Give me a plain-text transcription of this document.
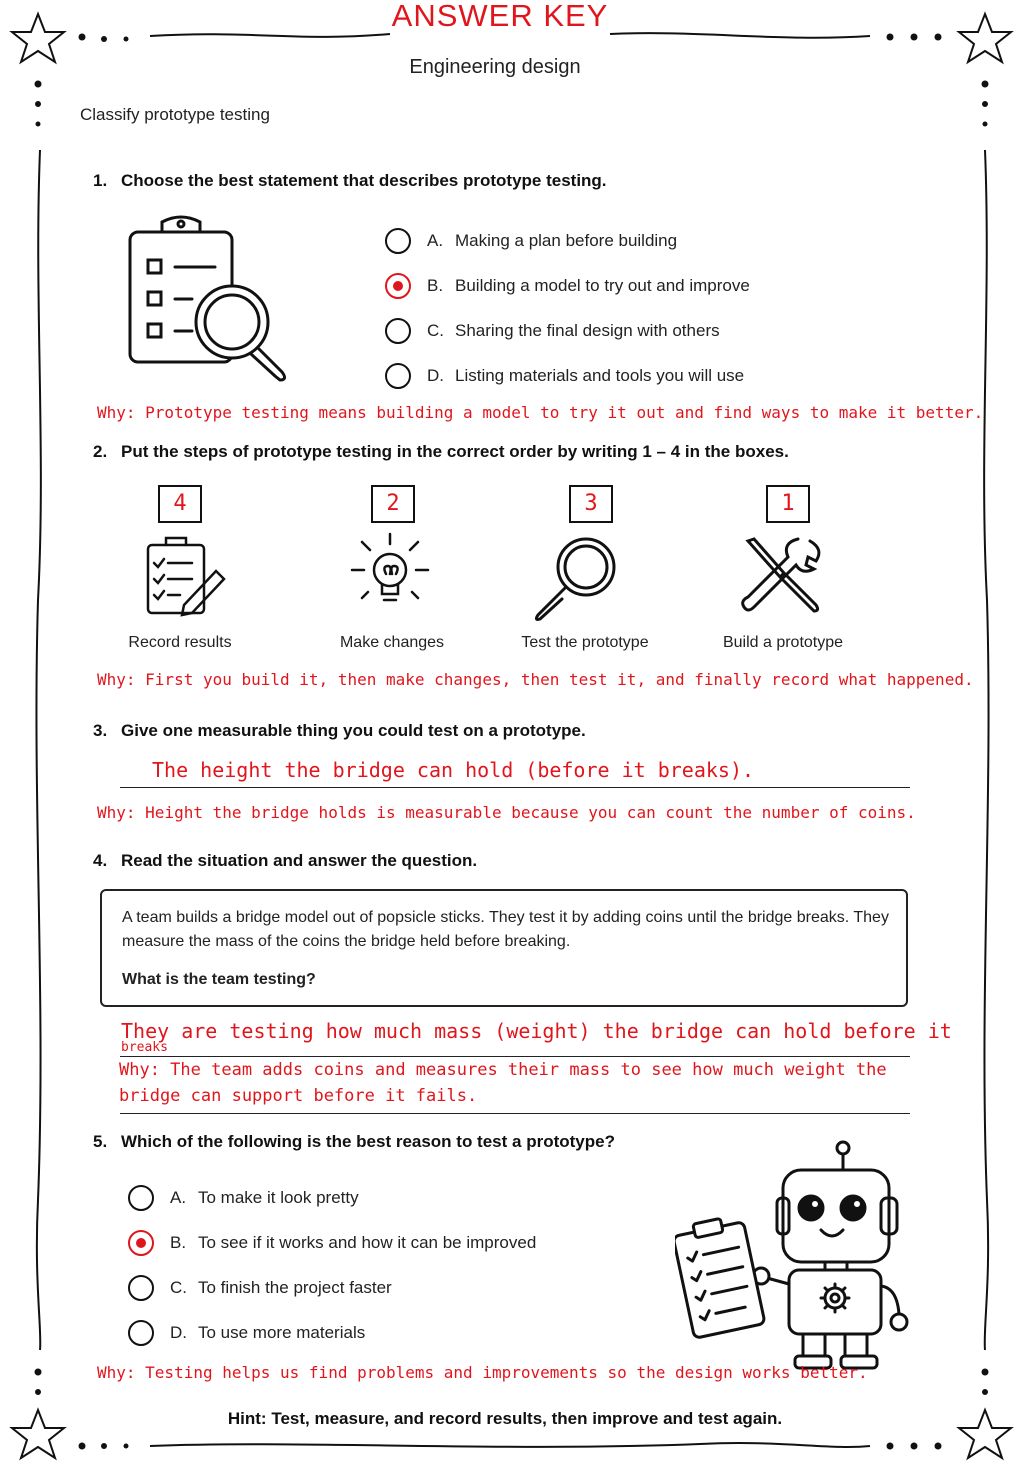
ANSWER KEY
Engineering design
Classify prototype testing
1. Choose the best statement that describes prototype testing.
A. Making a plan before building
B. Building a model to try out and improve
C. Sharing the final design with others
D. Listing materials and tools you will use
Why: Prototype testing means building a model to try it out and find ways to make it better.
2. Put the steps of prototype testing in the correct order by writing 1 – 4 in the boxes.
4	2	3	1
Record results	Make changes	Test the prototype	Build a prototype
Why: First you build it, then make changes, then test it, and finally record what happened.
3. Give one measurable thing you could test on a prototype.
The height the bridge can hold (before it breaks).
Why: Height the bridge holds is measurable because you can count the number of coins.
4. Read the situation and answer the question.

A team builds a bridge model out of popsicle sticks. They test it by adding coins until the bridge breaks. They measure the mass of the coins the bridge held before breaking.

What is the team testing?

They are testing how much mass (weight) the bridge can hold before it
breaks
Why: The team adds coins and measures their mass to see how much weight the
bridge can support before it fails.
5. Which of the following is the best reason to test a prototype?
A. To make it look pretty
B. To see if it works and how it can be improved
C. To finish the project faster
D. To use more materials
Why: Testing helps us find problems and improvements so the design works better.
Hint: Test, measure, and record results, then improve and test again.
